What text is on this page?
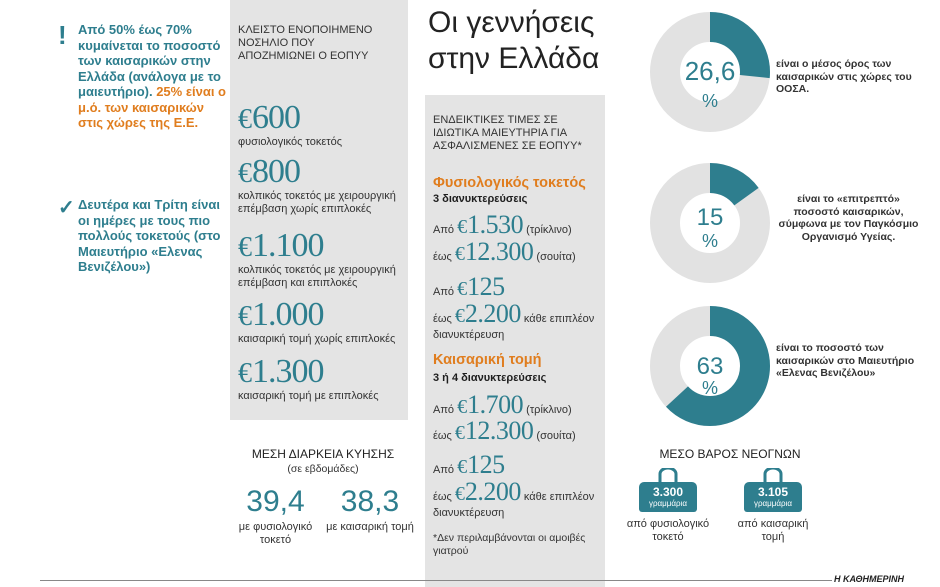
! Από 50% έως 70% κυμαίνεται το ποσοστό των καισαρικών στην Ελλάδα (ανάλογα με το μαιευτήριο). 25% είναι ο μ.ό. των καισαρικών στις χώρες της Ε.Ε.
✓ Δευτέρα και Τρίτη είναι οι ημέρες με τους πιο πολλούς τοκετούς (στο Μαιευτήριο «Ελενας Βενιζέλου»)
ΚΛΕΙΣΤΟ ΕΝΟΠΟΙΗΜΕΝΟ ΝΟΣΗΛΙΟ ΠΟΥ ΑΠΟΖΗΜΙΩΝΕΙ Ο ΕΟΠΥΥ
€600
φυσιολογικός τοκετός
€800
κολπικός τοκετός με χειρουργική επέμβαση χωρίς επιπλοκές
€1.100
κολπικός τοκετός με χειρουργική επέμβαση και επιπλοκές
€1.000
καισαρική τομή χωρίς επιπλοκές
€1.300
καισαρική τομή με επιπλοκές
ΜΕΣΗ ΔΙΑΡΚΕΙΑ ΚΥΗΣΗΣ
(σε εβδομάδες)
39,4
με φυσιολογικό τοκετό
38,3
με καισαρική τομή
Οι γεννήσεις στην Ελλάδα
ΕΝΔΕΙΚΤΙΚΕΣ ΤΙΜΕΣ ΣΕ ΙΔΙΩΤΙΚΑ ΜΑΙΕΥΤΗΡΙΑ ΓΙΑ ΑΣΦΑΛΙΣΜΕΝΕΣ ΣΕ ΕΟΠΥΥ*
Φυσιολογικός τοκετός
3 διανυκτερεύσεις
Από €1.530 (τρίκλινο)
έως €12.300 (σουίτα)
Από €125
έως €2.200 κάθε επιπλέον διανυκτέρευση
Καισαρική τομή
3 ή 4 διανυκτερεύσεις
Από €1.700 (τρίκλινο)
έως €12.300 (σουίτα)
Από €125
έως €2.200 κάθε επιπλέον διανυκτέρευση
*Δεν περιλαμβάνονται οι αμοιβές γιατρού
26,6
%
είναι ο μέσος όρος των καισαρικών στις χώρες του ΟΟΣΑ.
15
%
είναι το «επιτρεπτό» ποσοστό καισαρικών, σύμφωνα με τον Παγκόσμιο Οργανισμό Υγείας.
63
%
είναι το ποσοστό των καισαρικών στο Μαιευτήριο «Ελενας Βενιζέλου»
ΜΕΣΟ ΒΑΡΟΣ ΝΕΟΓΝΩΝ
3.300
γραμμάρια
από φυσιολογικό τοκετό
3.105
γραμμάρια
από καισαρική τομή
Η ΚΑΘΗΜΕΡΙΝΗ
